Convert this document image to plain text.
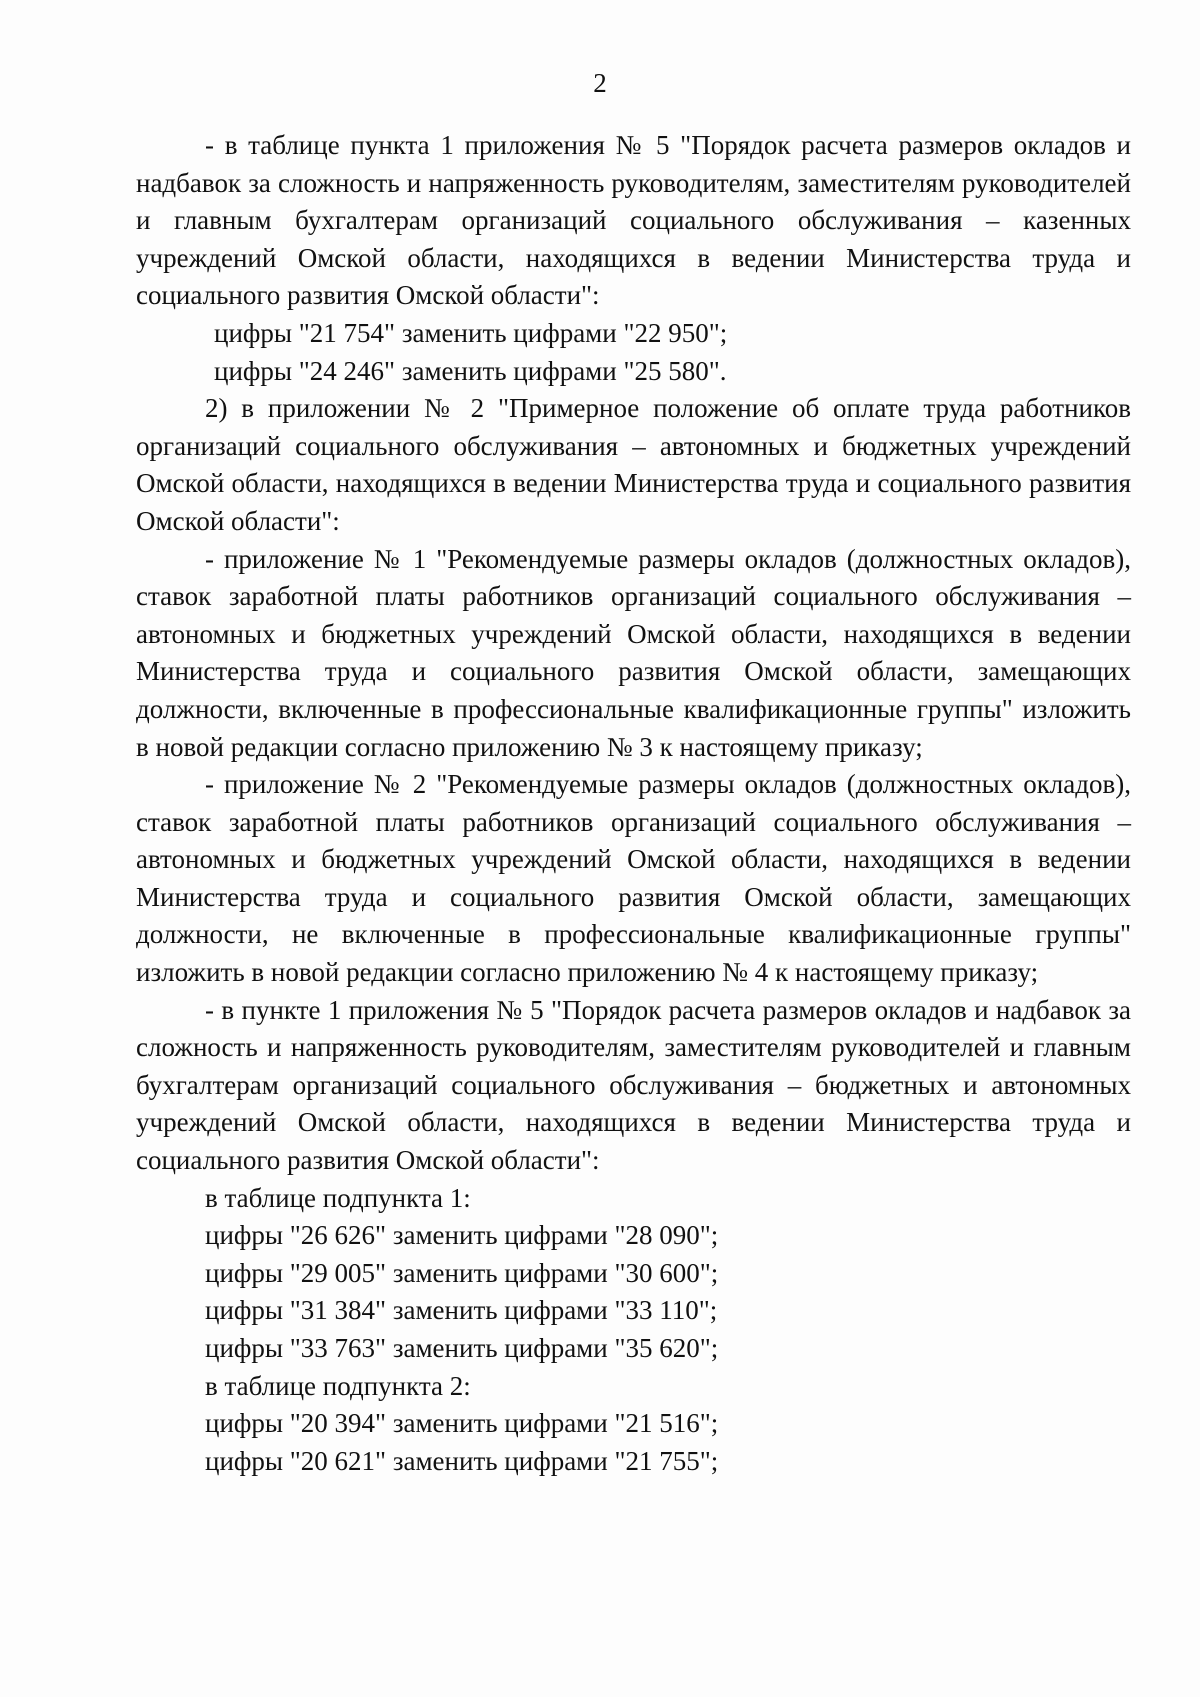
2

- в таблице пункта 1 приложения № 5 "Порядок расчета размеров окладов и надбавок за сложность и напряженность руководителям, заместителям руководителей и главным бухгалтерам организаций социального обслуживания – казенных учреждений Омской области, находящихся в ведении Министерства труда и социального развития Омской области":

цифры "21 754" заменить цифрами "22 950";

цифры "24 246" заменить цифрами "25 580".

2) в приложении № 2 "Примерное положение об оплате труда работников организаций социального обслуживания – автономных и бюджетных учреждений Омской области, находящихся в ведении Министерства труда и социального развития Омской области":

- приложение № 1 "Рекомендуемые размеры окладов (должностных окладов), ставок заработной платы работников организаций социального обслуживания – автономных и бюджетных учреждений Омской области, находящихся в ведении Министерства труда и социального развития Омской области, замещающих должности, включенные в профессиональные квалификационные группы" изложить в новой редакции согласно приложению № 3 к настоящему приказу;

- приложение № 2 "Рекомендуемые размеры окладов (должностных окладов), ставок заработной платы работников организаций социального обслуживания – автономных и бюджетных учреждений Омской области, находящихся в ведении Министерства труда и социального развития Омской области, замещающих должности, не включенные в профессиональные квалификационные группы" изложить в новой редакции согласно приложению № 4 к настоящему приказу;

- в пункте 1 приложения № 5 "Порядок расчета размеров окладов и надбавок за сложность и напряженность руководителям, заместителям руководителей и главным бухгалтерам организаций социального обслуживания – бюджетных и автономных учреждений Омской области, находящихся в ведении Министерства труда и социального развития Омской области":

в таблице подпункта 1:

цифры "26 626" заменить цифрами "28 090";

цифры "29 005" заменить цифрами "30 600";

цифры "31 384" заменить цифрами "33 110";

цифры "33 763" заменить цифрами "35 620";

в таблице подпункта 2:

цифры "20 394" заменить цифрами "21 516";

цифры "20 621" заменить цифрами "21 755";
